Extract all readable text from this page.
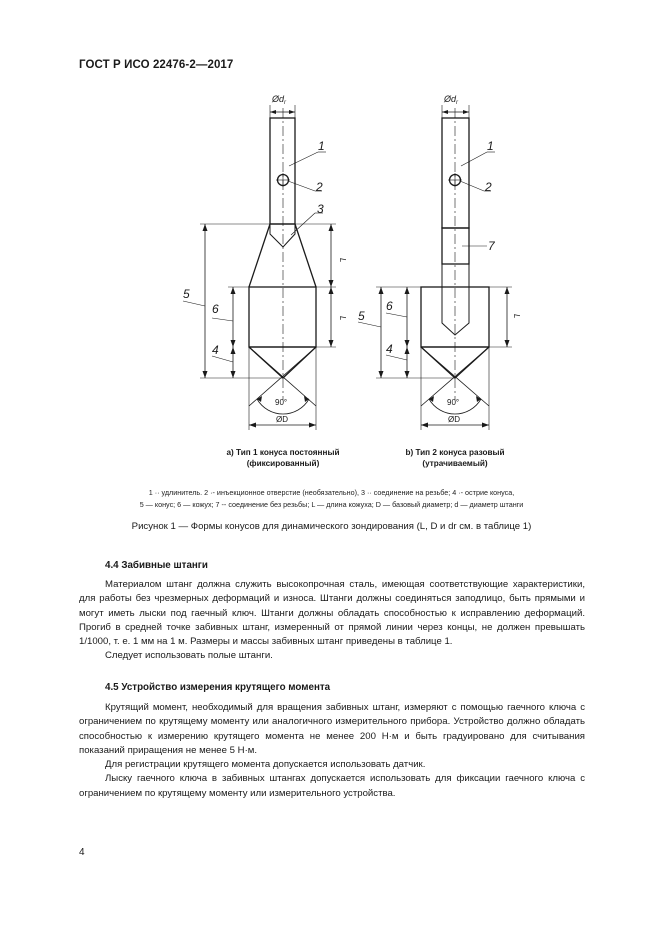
ГОСТ Р ИСО 22476-2—2017
$Ød_r$
1
2
3
5
6
4
L
L
90°
ØD
$Ød_r$
1
2
7
5
6
4
L
90°
ØD
а) Тип 1 конуса постоянный
(фиксированный)
b) Тип 2 конуса разовый
(утрачиваемый)
1 ·· удлинитель. 2 ·- инъекционное отверстие (необязательно), 3 ·· соединение на резьбе; 4 ·- острие конуса,
5 — конус; 6 — кожух; 7 -- соединение без резьбы; L — длина кожуха; D — базовый диаметр; d — диаметр штанги
Рисунок 1 — Формы конусов для динамического зондирования (L, D и dr см. в таблице 1)
4.4 Забивные штанги

Материалом штанг должна служить высокопрочная сталь, имеющая соответствующие характеристики, для работы без чрезмерных деформаций и износа. Штанги должны соединяться заподлицо, быть прямыми и могут иметь лыски под гаечный ключ. Штанги должны обладать способностью к исправлению деформаций. Прогиб в средней точке забивных штанг, измеренный от прямой линии через концы, не должен превышать 1/1000, т. е. 1 мм на 1 м. Размеры и массы забивных штанг приведены в таблице 1.

Следует использовать полые штанги.

4.5 Устройство измерения крутящего момента

Крутящий момент, необходимый для вращения забивных штанг, измеряют с помощью гаечного ключа с ограничением по крутящему моменту или аналогичного измерительного прибора. Устройство должно обладать способностью к измерению крутящего момента не менее 200 Н·м и быть градуировано для считывания показаний приращения не менее 5 Н·м.

Для регистрации крутящего момента допускается использовать датчик.

Лыску гаечного ключа в забивных штангах допускается использовать для фиксации гаечного ключа с ограничением по крутящему моменту или измерительного устройства.

4
